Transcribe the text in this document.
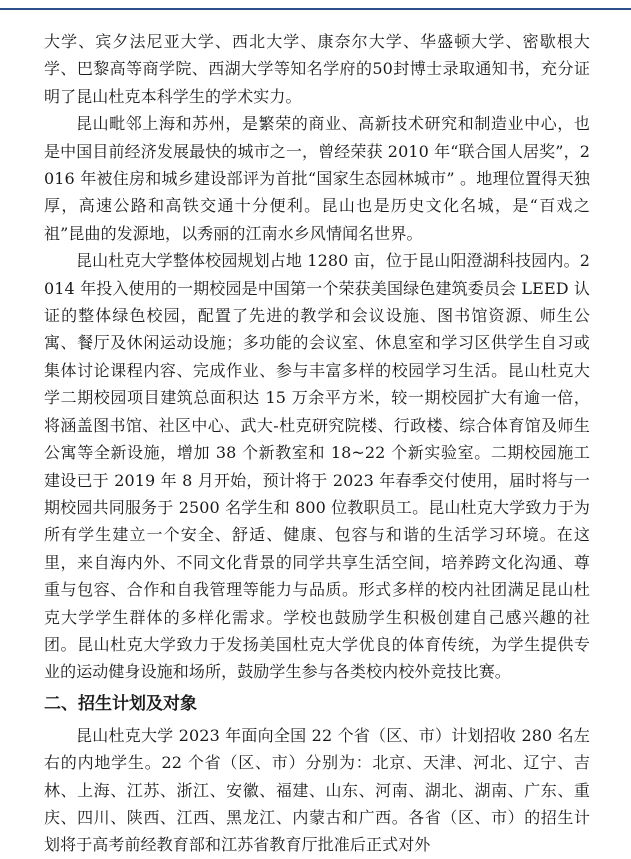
大学、宾夕法尼亚大学、西北大学、康奈尔大学、华盛顿大学、密歇根大学、巴黎高等商学院、西湖大学等知名学府的50封博士录取通知书，充分证明了昆山杜克本科学生的学术实力。

昆山毗邻上海和苏州，是繁荣的商业、高新技术研究和制造业中心，也是中国目前经济发展最快的城市之一，曾经荣获 2010 年“联合国人居奖”，2016 年被住房和城乡建设部评为首批“国家生态园林城市” 。地理位置得天独厚，高速公路和高铁交通十分便利。昆山也是历史文化名城，是“百戏之祖”昆曲的发源地，以秀丽的江南水乡风情闻名世界。

昆山杜克大学整体校园规划占地 1280 亩，位于昆山阳澄湖科技园内。2014 年投入使用的一期校园是中国第一个荣获美国绿色建筑委员会 LEED 认证的整体绿色校园，配置了先进的教学和会议设施、图书馆资源、师生公寓、餐厅及休闲运动设施；多功能的会议室、休息室和学习区供学生自习或集体讨论课程内容、完成作业、参与丰富多样的校园学习生活。昆山杜克大学二期校园项目建筑总面积达 15 万余平方米，较一期校园扩大有逾一倍，将涵盖图书馆、社区中心、武大-杜克研究院楼、行政楼、综合体育馆及师生公寓等全新设施，增加 38 个新教室和 18~22 个新实验室。二期校园施工建设已于 2019 年 8 月开始，预计将于 2023 年春季交付使用，届时将与一期校园共同服务于 2500 名学生和 800 位教职员工。昆山杜克大学致力于为所有学生建立一个安全、舒适、健康、包容与和谐的生活学习环境。在这里，来自海内外、不同文化背景的同学共享生活空间，培养跨文化沟通、尊重与包容、合作和自我管理等能力与品质。形式多样的校内社团满足昆山杜克大学学生群体的多样化需求。学校也鼓励学生积极创建自己感兴趣的社团。昆山杜克大学致力于发扬美国杜克大学优良的体育传统，为学生提供专业的运动健身设施和场所，鼓励学生参与各类校内校外竞技比赛。

二、招生计划及对象

昆山杜克大学 2023 年面向全国 22 个省（区、市）计划招收 280 名左右的内地学生。22 个省（区、市）分别为：北京、天津、河北、辽宁、吉林、上海、江苏、浙江、安徽、福建、山东、河南、湖北、湖南、广东、重庆、四川、陕西、江西、黑龙江、内蒙古和广西。各省（区、市）的招生计划将于高考前经教育部和江苏省教育厅批准后正式对外
